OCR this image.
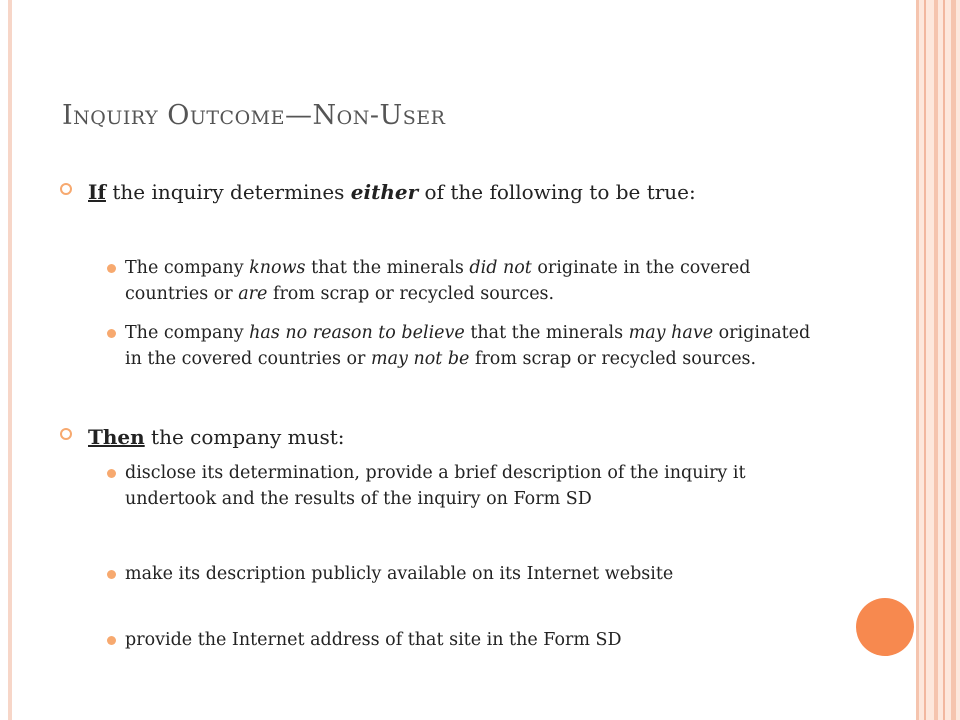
Inquiry Outcome—Non-User
If the inquiry determines either of the following to be true:
The company knows that the minerals did not originate in the covered countries or are from scrap or recycled sources.
The company has no reason to believe that the minerals may have originated in the covered countries or may not be from scrap or recycled sources.
Then the company must:
disclose its determination, provide a brief description of the inquiry it undertook and the results of the inquiry on Form SD
make its description publicly available on its Internet website
provide the Internet address of that site in the Form SD
